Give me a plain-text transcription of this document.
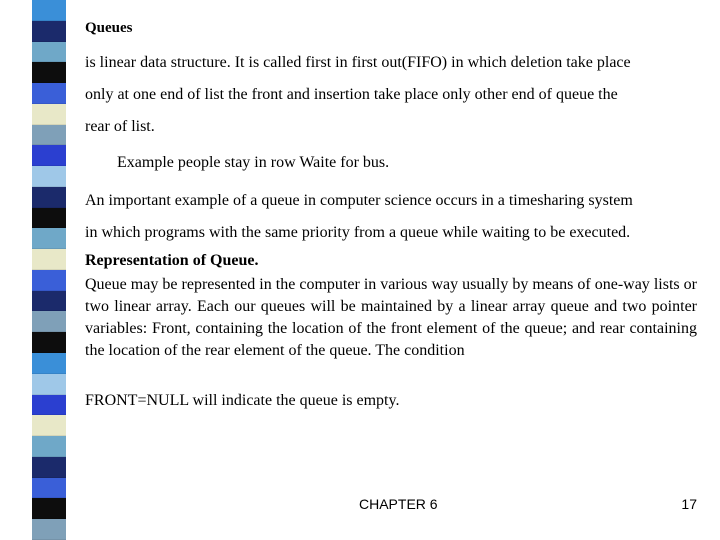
Queues
is linear data structure. It is called first in first out(FIFO) in which deletion take place
only at one end of list the front and insertion take place only other end of queue the
rear of list.
Example people stay in row Waite for bus.
An important example of a queue in computer science occurs in a timesharing system
in which programs with the same priority from a queue while waiting to be executed.
Representation of Queue.
Queue may be represented in the computer in various way usually by means of one-way lists or two linear array. Each our queues will be maintained by a linear array queue and two pointer variables: Front, containing the location of the front element of the queue; and rear containing the location of the rear element of the queue. The condition
FRONT=NULL will indicate the queue is empty.
CHAPTER 6	17
